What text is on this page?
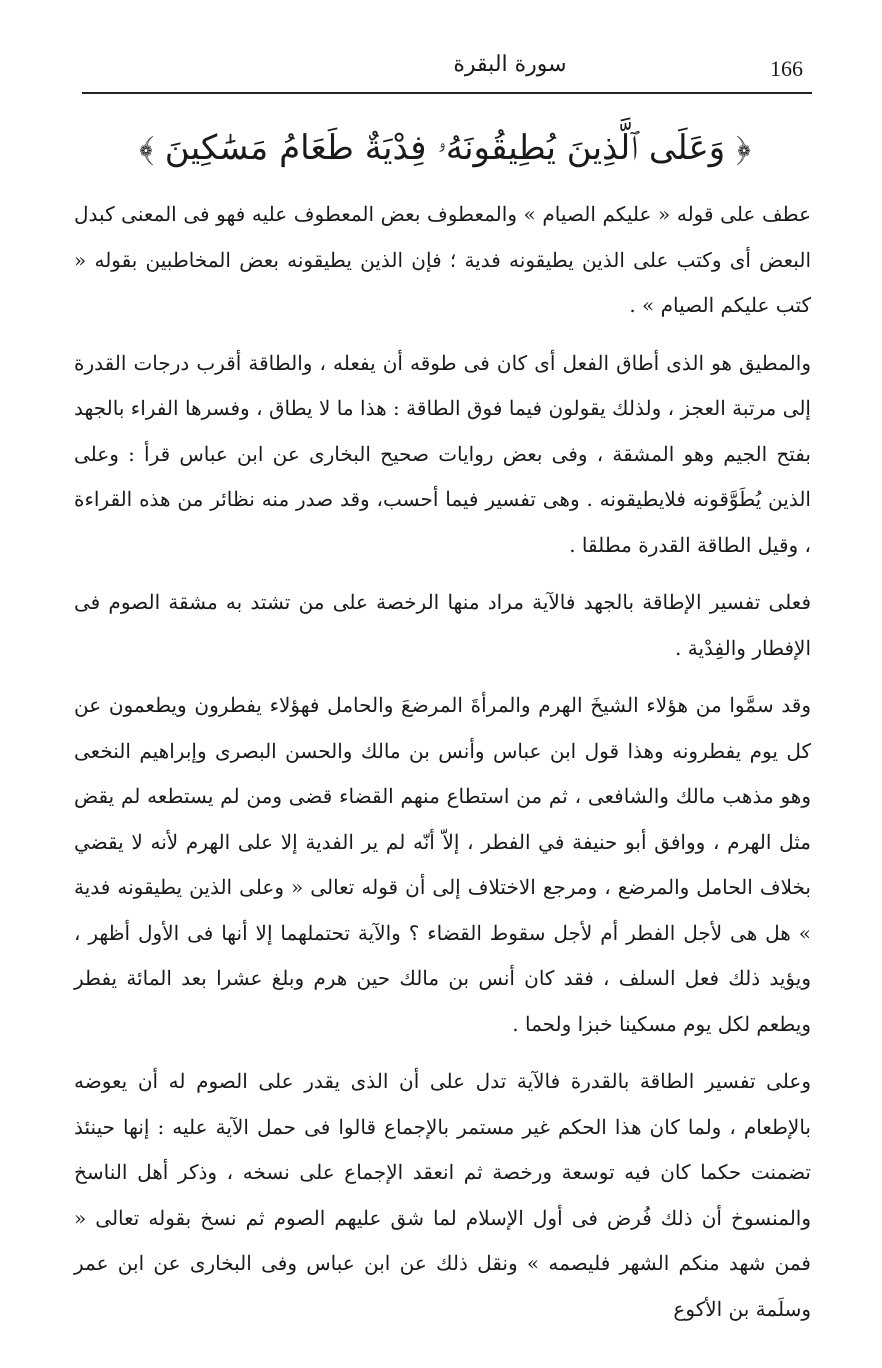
166
سورة البقرة
﴿ وَعَلَى ٱلَّذِينَ يُطِيقُونَهُۥ فِدْيَةٌ طَعَامُ مَسَٰكِينَ ﴾

عطف على قوله « عليكم الصيام » والمعطوف بعض المعطوف عليه فهو فى المعنى كبدل البعض أى وكتب على الذين يطيقونه فدية ؛ فإن الذين يطيقونه بعض المخاطبين بقوله « كتب عليكم الصيام » .

والمطيق هو الذى أطاق الفعل أى كان فى طوقه أن يفعله ، والطاقة أقرب درجات القدرة إلى مرتبة العجز ، ولذلك يقولون فيما فوق الطاقة : هذا ما لا يطاق ، وفسرها الفراء بالجهد بفتح الجيم وهو المشقة ، وفى بعض روايات صحيح البخارى عن ابن عباس قرأ : وعلى الذين يُطَوَّقونه فلايطيقونه . وهى تفسير فيما أحسب، وقد صدر منه نظائر من هذه القراءة ، وقيل الطاقة القدرة مطلقا .

فعلى تفسير الإطاقة بالجهد فالآية مراد منها الرخصة على من تشتد به مشقة الصوم فى الإفطار والفِدْية .

وقد سمَّوا من هؤلاء الشيخَ الهرم والمرأةَ المرضعَ والحامل فهؤلاء يفطرون ويطعمون عن كل يوم يفطرونه وهذا قول ابن عباس وأنس بن مالك والحسن البصرى وإبراهيم النخعى وهو مذهب مالك والشافعى ، ثم من استطاع منهم القضاء قضى ومن لم يستطعه لم يقض مثل الهرم ، ووافق أبو حنيفة في الفطر ، إلاّ أنّه لم ير الفدية إلا على الهرم لأنه لا يقضي بخلاف الحامل والمرضع ، ومرجع الاختلاف إلى أن قوله تعالى « وعلى الذين يطيقونه فدية » هل هى لأجل الفطر أم لأجل سقوط القضاء ؟ والآية تحتملهما إلا أنها فى الأول أظهر ، ويؤيد ذلك فعل السلف ، فقد كان أنس بن مالك حين هرم وبلغ عشرا بعد المائة يفطر ويطعم لكل يوم مسكينا خبزا ولحما .

وعلى تفسير الطاقة بالقدرة فالآية تدل على أن الذى يقدر على الصوم له أن يعوضه بالإطعام ، ولما كان هذا الحكم غير مستمر بالإجماع قالوا فى حمل الآية عليه : إنها حينئذ تضمنت حكما كان فيه توسعة ورخصة ثم انعقد الإجماع على نسخه ، وذكر أهل الناسخ والمنسوخ أن ذلك فُرض فى أول الإسلام لما شق عليهم الصوم ثم نسخ بقوله تعالى « فمن شهد منكم الشهر فليصمه » ونقل ذلك عن ابن عباس وفى البخارى عن ابن عمر وسلَمة بن الأكوع
